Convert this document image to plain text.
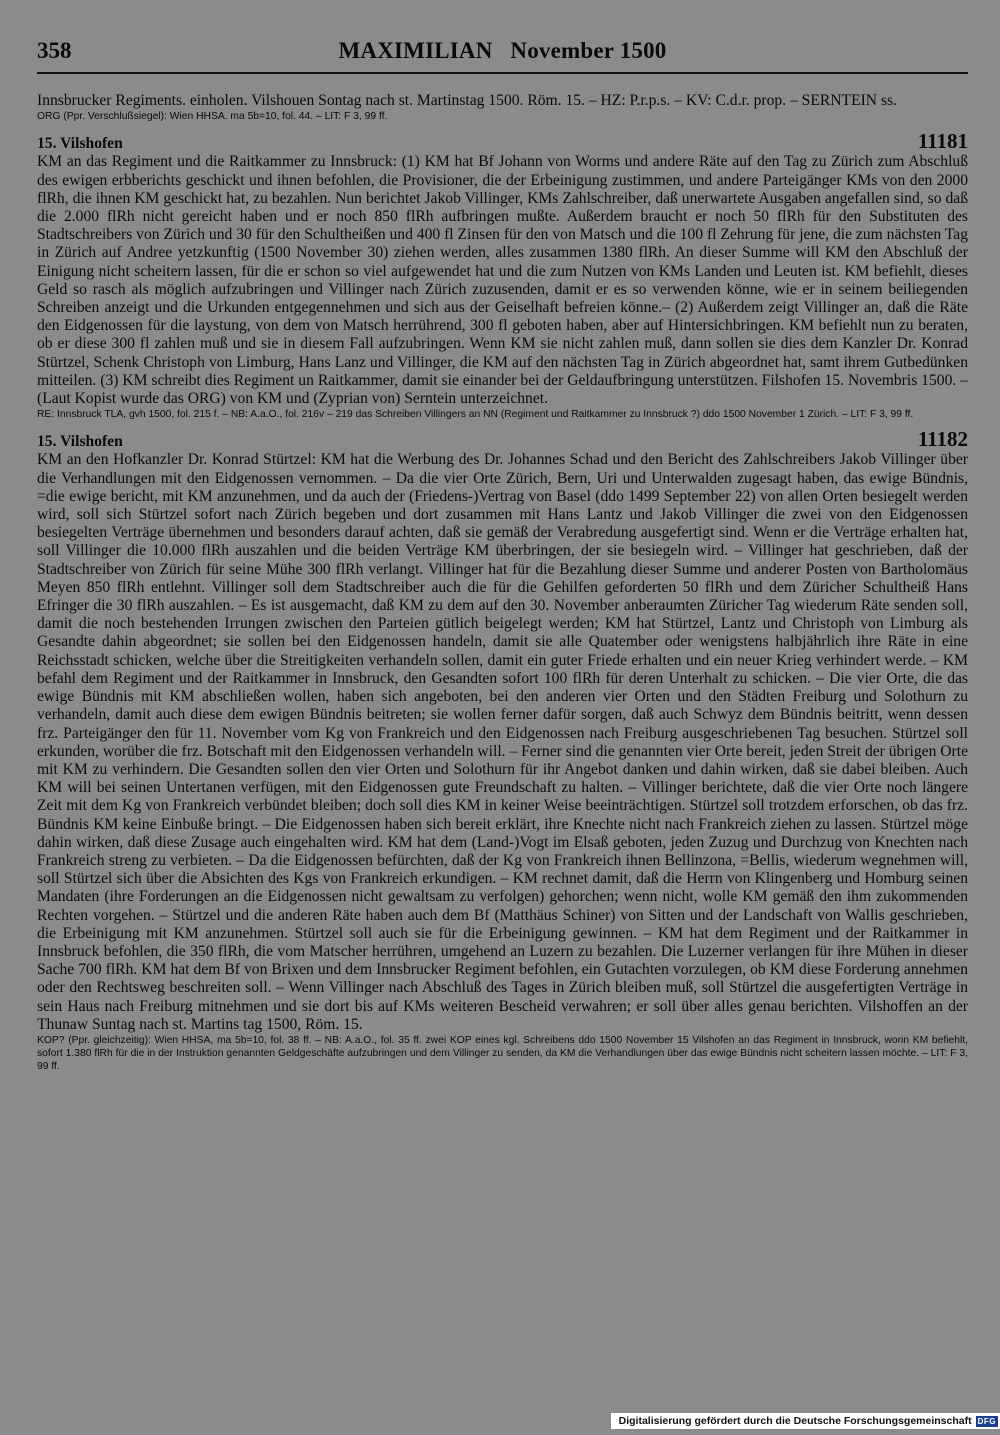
358	MAXIMILIAN   November 1500

Innsbrucker Regiments. einholen. Vilshouen Sontag nach st. Martinstag 1500. Röm. 15. – HZ: P.r.p.s. – KV: C.d.r. prop. – SERNTEIN ss.

ORG (Ppr. Verschlußsiegel): Wien HHSA. ma 5b=10, fol. 44. – LIT: F 3, 99 ff.

15. Vilshofen	11181

KM an das Regiment und die Raitkammer zu Innsbruck: (1) KM hat Bf Johann von Worms und andere Räte auf den Tag zu Zürich zum Abschluß des ewigen erbberichts geschickt und ihnen befohlen, die Provisioner, die der Erbeinigung zustimmen, und andere Parteigänger KMs von den 2000 flRh, die ihnen KM geschickt hat, zu bezahlen. Nun berichtet Jakob Villinger, KMs Zahlschreiber, daß unerwartete Ausgaben angefallen sind, so daß die 2.000 flRh nicht gereicht haben und er noch 850 flRh aufbringen mußte. Außerdem braucht er noch 50 flRh für den Substituten des Stadtschreibers von Zürich und 30 für den Schultheißen und 400 fl Zinsen für den von Matsch und die 100 fl Zehrung für jene, die zum nächsten Tag in Zürich auf Andree yetzkunftig (1500 November 30) ziehen werden, alles zusammen 1380 flRh. An dieser Summe will KM den Abschluß der Einigung nicht scheitern lassen, für die er schon so viel aufgewendet hat und die zum Nutzen von KMs Landen und Leuten ist. KM befiehlt, dieses Geld so rasch als möglich aufzubringen und Villinger nach Zürich zuzusenden, damit er es so verwenden könne, wie er in seinem beiliegenden Schreiben anzeigt und die Urkunden entgegennehmen und sich aus der Geiselhaft befreien könne.– (2) Außerdem zeigt Villinger an, daß die Räte den Eidgenossen für die laystung, von dem von Matsch herrührend, 300 fl geboten haben, aber auf Hintersichbringen. KM befiehlt nun zu beraten, ob er diese 300 fl zahlen muß und sie in diesem Fall aufzubringen. Wenn KM sie nicht zahlen muß, dann sollen sie dies dem Kanzler Dr. Konrad Stürtzel, Schenk Christoph von Limburg, Hans Lanz und Villinger, die KM auf den nächsten Tag in Zürich abgeordnet hat, samt ihrem Gutbedünken mitteilen. (3) KM schreibt dies Regiment un Raitkammer, damit sie einander bei der Geldaufbringung unterstützen. Filshofen 15. Novembris 1500. – (Laut Kopist wurde das ORG) von KM und (Zyprian von) Serntein unterzeichnet.

RE: Innsbruck TLA, gvh 1500, fol. 215 f. – NB: A.a.O., fol. 216v – 219 das Schreiben Villingers an NN (Regiment und Raitkammer zu Innsbruck ?) ddo 1500 November 1 Zürich. – LIT: F 3, 99 ff.

15. Vilshofen	11182

KM an den Hofkanzler Dr. Konrad Stürtzel: KM hat die Werbung des Dr. Johannes Schad und den Bericht des Zahlschreibers Jakob Villinger über die Verhandlungen mit den Eidgenossen vernommen. – Da die vier Orte Zürich, Bern, Uri und Unterwalden zugesagt haben, das ewige Bündnis, =die ewige bericht, mit KM anzunehmen, und da auch der (Friedens-)Vertrag von Basel (ddo 1499 September 22) von allen Orten besiegelt werden wird, soll sich Stürtzel sofort nach Zürich begeben und dort zusammen mit Hans Lantz und Jakob Villinger die zwei von den Eidgenossen besiegelten Verträge übernehmen und besonders darauf achten, daß sie gemäß der Verabredung ausgefertigt sind. Wenn er die Verträge erhalten hat, soll Villinger die 10.000 flRh auszahlen und die beiden Verträge KM überbringen, der sie besiegeln wird. – Villinger hat geschrieben, daß der Stadtschreiber von Zürich für seine Mühe 300 flRh verlangt. Villinger hat für die Bezahlung dieser Summe und anderer Posten von Bartholomäus Meyen 850 flRh entlehnt. Villinger soll dem Stadtschreiber auch die für die Gehilfen geforderten 50 flRh und dem Züricher Schultheiß Hans Efringer die 30 flRh auszahlen. – Es ist ausgemacht, daß KM zu dem auf den 30. November anberaumten Züricher Tag wiederum Räte senden soll, damit die noch bestehenden Irrungen zwischen den Parteien gütlich beigelegt werden; KM hat Stürtzel, Lantz und Christoph von Limburg als Gesandte dahin abgeordnet; sie sollen bei den Eidgenossen handeln, damit sie alle Quatember oder wenigstens halbjährlich ihre Räte in eine Reichsstadt schicken, welche über die Streitigkeiten verhandeln sollen, damit ein guter Friede erhalten und ein neuer Krieg verhindert werde. – KM befahl dem Regiment und der Raitkammer in Innsbruck, den Gesandten sofort 100 flRh für deren Unterhalt zu schicken. – Die vier Orte, die das ewige Bündnis mit KM abschließen wollen, haben sich angeboten, bei den anderen vier Orten und den Städten Freiburg und Solothurn zu verhandeln, damit auch diese dem ewigen Bündnis beitreten; sie wollen ferner dafür sorgen, daß auch Schwyz dem Bündnis beitritt, wenn dessen frz. Parteigänger den für 11. November vom Kg von Frankreich und den Eidgenossen nach Freiburg ausgeschriebenen Tag besuchen. Stürtzel soll erkunden, worüber die frz. Botschaft mit den Eidgenossen verhandeln will. – Ferner sind die genannten vier Orte bereit, jeden Streit der übrigen Orte mit KM zu verhindern. Die Gesandten sollen den vier Orten und Solothurn für ihr Angebot danken und dahin wirken, daß sie dabei bleiben. Auch KM will bei seinen Untertanen verfügen, mit den Eidgenossen gute Freundschaft zu halten. – Villinger berichtete, daß die vier Orte noch längere Zeit mit dem Kg von Frankreich verbündet bleiben; doch soll dies KM in keiner Weise beeinträchtigen. Stürtzel soll trotzdem erforschen, ob das frz. Bündnis KM keine Einbuße bringt. – Die Eidgenossen haben sich bereit erklärt, ihre Knechte nicht nach Frankreich ziehen zu lassen. Stürtzel möge dahin wirken, daß diese Zusage auch eingehalten wird. KM hat dem (Land-)Vogt im Elsaß geboten, jeden Zuzug und Durchzug von Knechten nach Frankreich streng zu verbieten. – Da die Eidgenossen befürchten, daß der Kg von Frankreich ihnen Bellinzona, =Bellis, wiederum wegnehmen will, soll Stürtzel sich über die Absichten des Kgs von Frankreich erkundigen. – KM rechnet damit, daß die Herrn von Klingenberg und Homburg seinen Mandaten (ihre Forderungen an die Eidgenossen nicht gewaltsam zu verfolgen) gehorchen; wenn nicht, wolle KM gemäß den ihm zukommenden Rechten vorgehen. – Stürtzel und die anderen Räte haben auch dem Bf (Matthäus Schiner) von Sitten und der Landschaft von Wallis geschrieben, die Erbeinigung mit KM anzunehmen. Stürtzel soll auch sie für die Erbeinigung gewinnen. – KM hat dem Regiment und der Raitkammer in Innsbruck befohlen, die 350 flRh, die vom Matscher herrühren, umgehend an Luzern zu bezahlen. Die Luzerner verlangen für ihre Mühen in dieser Sache 700 flRh. KM hat dem Bf von Brixen und dem Innsbrucker Regiment befohlen, ein Gutachten vorzulegen, ob KM diese Forderung annehmen oder den Rechtsweg beschreiten soll. – Wenn Villinger nach Abschluß des Tages in Zürich bleiben muß, soll Stürtzel die ausgefertigten Verträge in sein Haus nach Freiburg mitnehmen und sie dort bis auf KMs weiteren Bescheid verwahren; er soll über alles genau berichten. Vilshoffen an der Thunaw Suntag nach st. Martins tag 1500, Röm. 15.

KOP? (Ppr. gleichzeitig): Wien HHSA, ma 5b=10, fol. 38 ff. – NB: A.a.O., fol. 35 ff. zwei KOP eines kgl. Schreibens ddo 1500 November 15 Vilshofen an das Regiment in Innsbruck, worin KM befiehlt, sofort 1.380 flRh für die in der Instruktion genannten Geldgeschäfte aufzubringen und dem Villinger zu senden, da KM die Verhandlungen über das ewige Bündnis nicht scheitern lassen möchte. – LIT: F 3, 99 ff.

Digitalisierung gefördert durch die Deutsche Forschungsgemeinschaft DFG
